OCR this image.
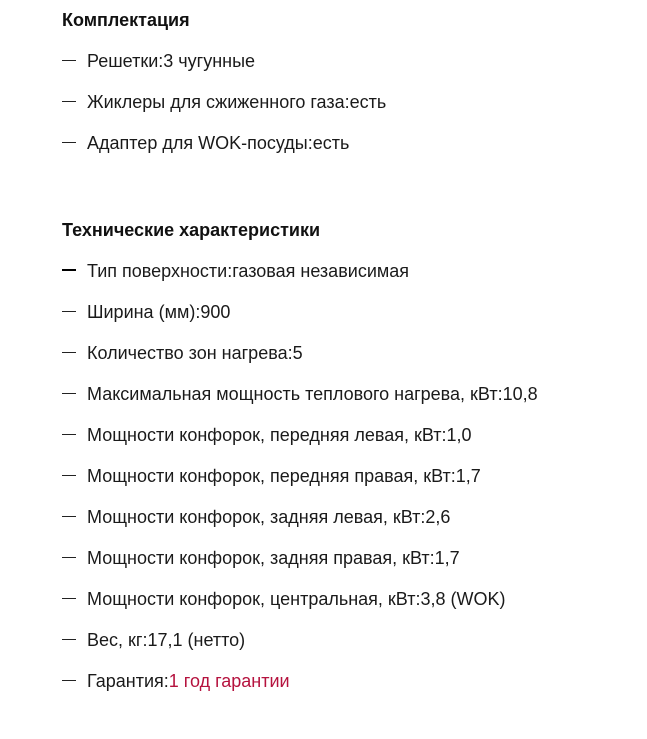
Комплектация
Решетки : 3 чугунные
Жиклеры для сжиженного газа : есть
Адаптер для WOK-посуды : есть
Технические характеристики
Тип поверхности : газовая независимая
Ширина (мм) : 900
Количество зон нагрева : 5
Максимальная мощность теплового нагрева, кВт : 10,8
Мощности конфорок, передняя левая, кВт : 1,0
Мощности конфорок, передняя правая, кВт : 1,7
Мощности конфорок, задняя левая, кВт : 2,6
Мощности конфорок, задняя правая, кВт : 1,7
Мощности конфорок, центральная, кВт : 3,8 (WOK)
Вес, кг : 17,1 (нетто)
Гарантия : 1 год гарантии
